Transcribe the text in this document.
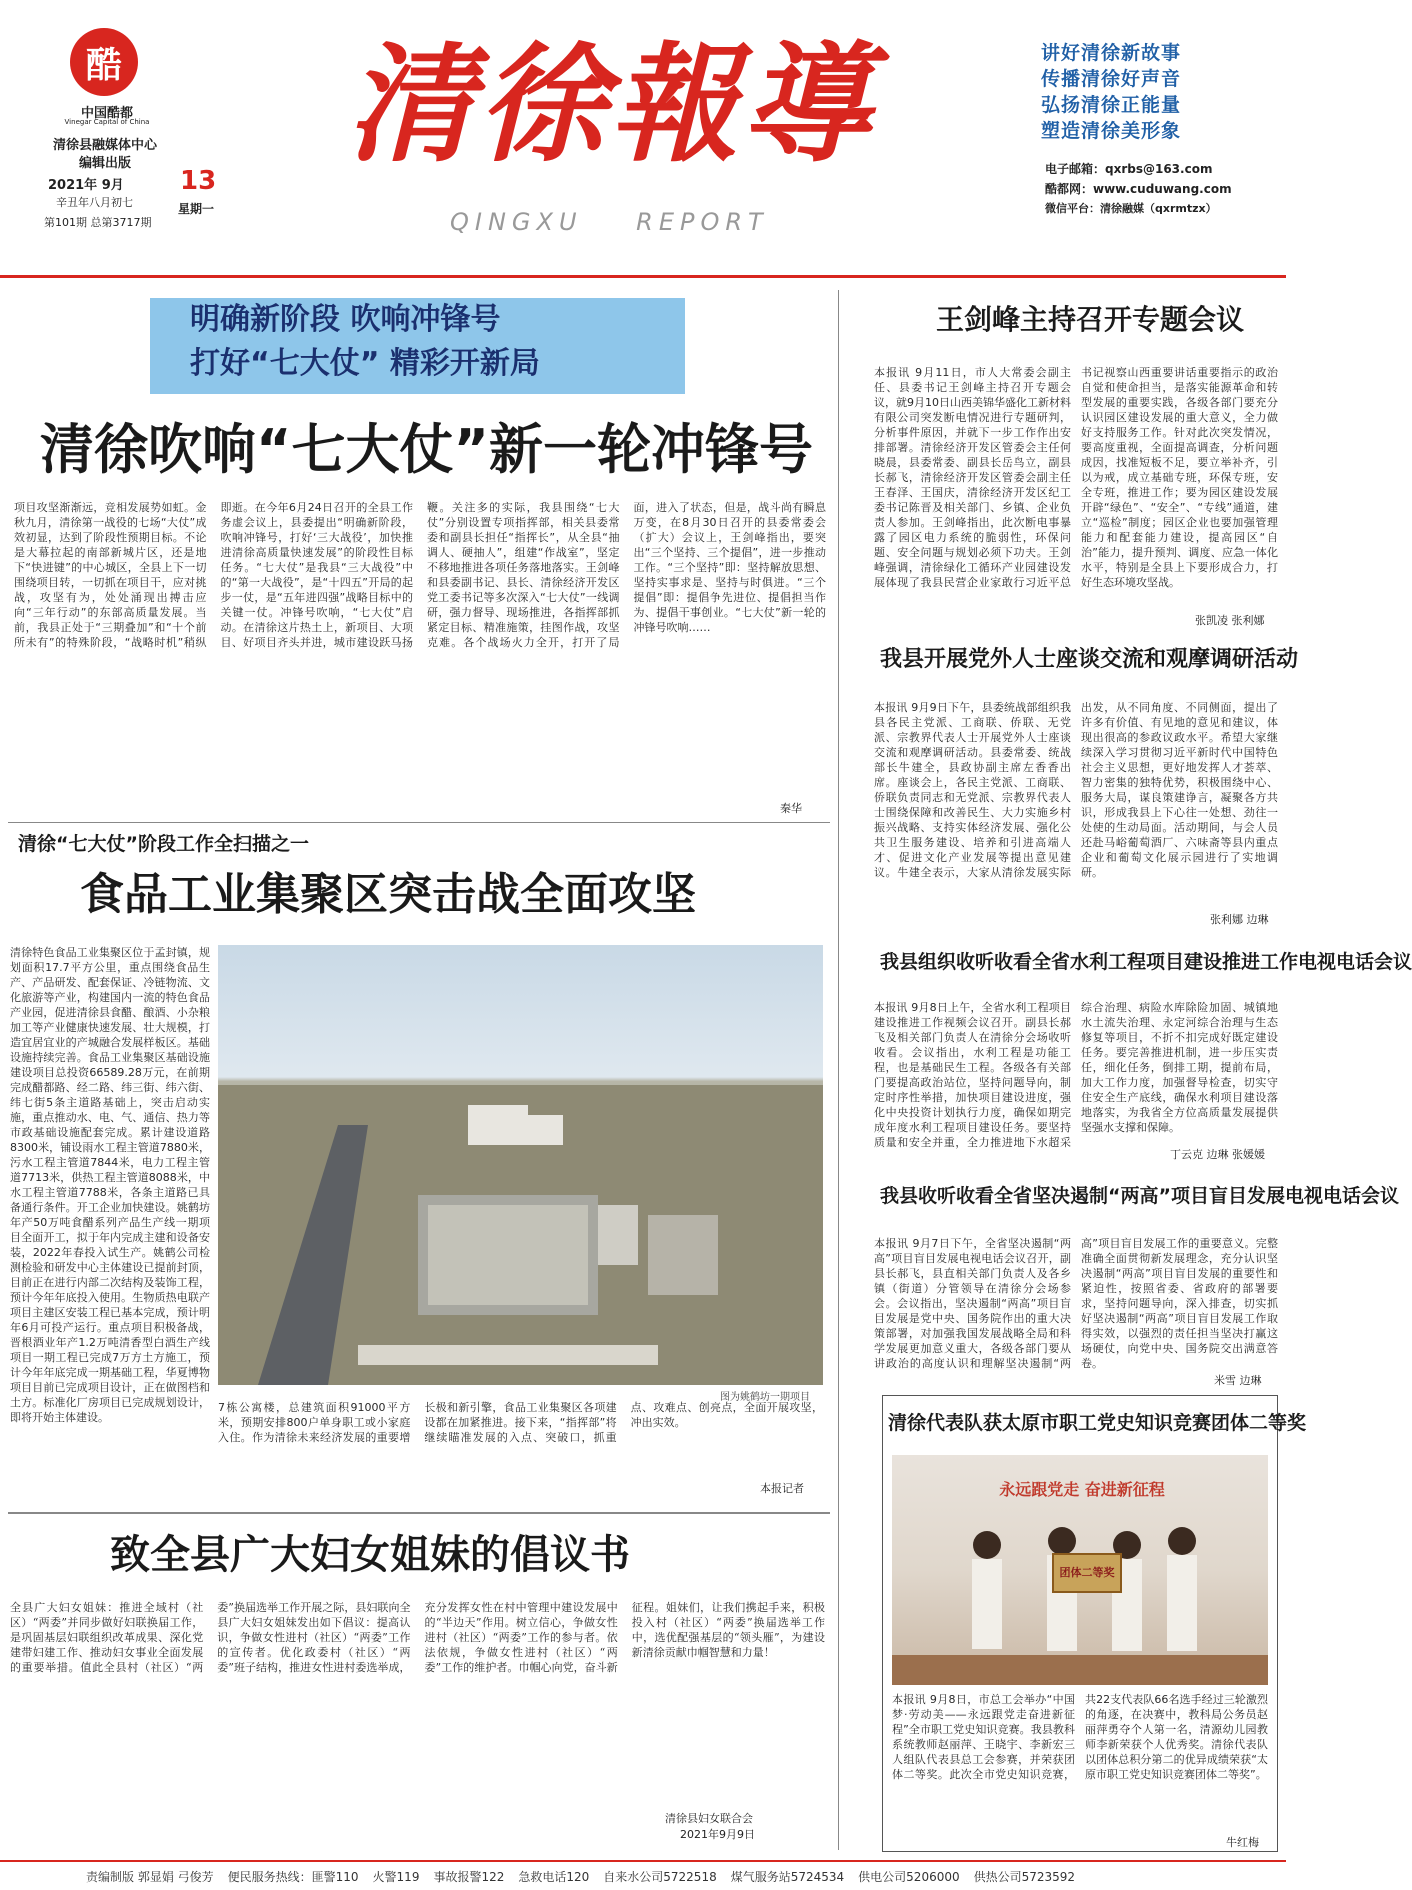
酷
中国酷都
Vinegar Capital of China
清徐县融媒体中心
编辑出版
2021年 9月 13
辛丑年八月初七	星期一
第101期 总第3717期
清徐報導
QINGXU REPORT
讲好清徐新故事
传播清徐好声音
弘扬清徐正能量
塑造清徐美形象
电子邮箱：qxrbs@163.com
酷都网：www.cuduwang.com
微信平台：清徐融媒（qxrmtzx）
明确新阶段 吹响冲锋号
打好“七大仗” 精彩开新局
清徐吹响“七大仗”新一轮冲锋号
项目攻坚渐渐远，竞相发展势如虹。金秋九月，清徐第一战役的七场“大仗”成效初显，达到了阶段性预期目标。不论是大幕拉起的南部新城片区，还是地下“快进键”的中心城区，全县上下一切围绕项目转，一切抓在项目干，应对挑战，攻坚有为，处处涌现出搏击应向“三年行动”的东部高质量发展。当前，我县正处于“三期叠加”和“十个前所未有”的特殊阶段，“战略时机”稍纵即逝。在今年6月24日召开的全县工作务虚会议上，县委提出“明确新阶段，吹响冲锋号，打好‘三大战役’，加快推进清徐高质量快速发展”的阶段性目标任务。“七大仗”是我县“三大战役”中的“第一大战役”，是“十四五”开局的起步一仗，是“五年进四强”战略目标中的关键一仗。冲锋号吹响，“七大仗”启动。在清徐这片热土上，新项目、大项目、好项目齐头并进，城市建设跃马扬鞭。关注多的实际，我县围绕“七大仗”分别设置专项指挥部，相关县委常委和副县长担任“指挥长”，从全县“抽调人、硬抽人”，组建“作战室”，坚定不移地推进各项任务落地落实。王剑峰和县委副书记、县长、清徐经济开发区党工委书记等多次深入“七大仗”一线调研，强力督导、现场推进，各指挥部抓紧定目标、精准施策，挂图作战，攻坚克难。各个战场火力全开，打开了局面，进入了状态，但是，战斗尚有瞬息万变，在8月30日召开的县委常委会（扩大）会议上，王剑峰指出，要突出“三个坚持、三个提倡”，进一步推动工作。“三个坚持”即：坚持解放思想、坚持实事求是、坚持与时俱进。“三个提倡”即：提倡争先进位、提倡担当作为、提倡干事创业。“七大仗”新一轮的冲锋号吹响……
秦华
清徐“七大仗”阶段工作全扫描之一
食品工业集聚区突击战全面攻坚
清徐特色食品工业集聚区位于孟封镇，规划面积17.7平方公里，重点围绕食品生产、产品研发、配套保证、冷链物流、文化旅游等产业，构建国内一流的特色食品产业园，促进清徐县食醋、酿酒、小杂粮加工等产业健康快速发展、壮大规模，打造宜居宜业的产城融合发展样板区。基础设施持续完善。食品工业集聚区基础设施建设项目总投资66589.28万元，在前期完成醋都路、经二路、纬三街、纬六街、纬七街5条主道路基础上，突击启动实施，重点推动水、电、气、通信、热力等市政基础设施配套完成。累计建设道路8300米，铺设雨水工程主管道7880米，污水工程主管道7844米，电力工程主管道7713米，供热工程主管道8088米，中水工程主管道7788米，各条主道路已具备通行条件。开工企业加快建设。姚鹤坊年产50万吨食醋系列产品生产线一期项目全面开工，拟于年内完成主建和设备安装，2022年春投入试生产。姚鹤公司检测检验和研发中心主体建设已提前封顶，目前正在进行内部二次结构及装饰工程，预计今年年底投入使用。生物质热电联产项目主建区安装工程已基本完成，预计明年6月可投产运行。重点项目积极备战，晋根酒业年产1.2万吨清香型白酒生产线项目一期工程已完成7万方土方施工，预计今年年底完成一期基础工程，华夏博物项目目前已完成项目设计，正在做图档和土方。标准化厂房项目已完成规划设计，即将开始主体建设。
图为姚鹤坊一期项目
7栋公寓楼，总建筑面积91000平方米，预期安排800户单身职工或小家庭入住。作为清徐未来经济发展的重要增长极和新引擎，食品工业集聚区各项建设都在加紧推进。接下来，“指挥部”将继续瞄准发展的入点、突破口，抓重点、攻难点、创亮点，全面开展攻坚，冲出实效。
本报记者
致全县广大妇女姐妹的倡议书
全县广大妇女姐妹：推进全域村（社区）“两委”并同步做好妇联换届工作，是巩固基层妇联组织改革成果、深化党建带妇建工作、推动妇女事业全面发展的重要举措。值此全县村（社区）“两委”换届选举工作开展之际，县妇联向全县广大妇女姐妹发出如下倡议：提高认识，争做女性进村（社区）“两委”工作的宣传者。优化政委村（社区）“两委”班子结构，推进女性进村委选举成，充分发挥女性在村中管理中建设发展中的“半边天”作用。树立信心，争做女性进村（社区）“两委”工作的参与者。依法依规，争做女性进村（社区）“两委”工作的维护者。巾帼心向党，奋斗新征程。姐妹们，让我们携起手来，积极投入村（社区）“两委”换届选举工作中，选优配强基层的“领头雁”，为建设新清徐贡献巾帼智慧和力量！
清徐县妇女联合会
2021年9月9日
王剑峰主持召开专题会议
本报讯 9月11日，市人大常委会副主任、县委书记王剑峰主持召开专题会议，就9月10日山西美锦华盛化工新材料有限公司突发断电情况进行专题研判，分析事件原因，并就下一步工作作出安排部署。清徐经济开发区管委会主任何晓晨，县委常委、副县长岳鸟立，副县长郝飞，清徐经济开发区管委会副主任王春泽、王国庆，清徐经济开发区纪工委书记陈晋及相关部门、乡镇、企业负责人参加。王剑峰指出，此次断电事暴露了园区电力系统的脆弱性，环保问题、安全问题与规划必须下功夫。王剑峰强调，清徐绿化工循环产业园建设发展体现了我县民营企业家敢行习近平总书记视察山西重要讲话重要指示的政治自觉和使命担当，是落实能源革命和转型发展的重要实践，各级各部门要充分认识园区建设发展的重大意义，全力做好支持服务工作。针对此次突发情况，要高度重视，全面提高调查，分析问题成因，找准短板不足，要立举补齐，引以为戒，成立基础专班，环保专班，安全专班，推进工作；要为园区建设发展开辟“绿色”、“安全”、“专线”通道，建立“巡检”制度；园区企业也要加强管理能力和配套能力建设，提高园区“自治”能力，提升预判、调度、应急一体化水平，特别是全县上下要形成合力，打好生态环境攻坚战。
张凯凌 张利娜
我县开展党外人士座谈交流和观摩调研活动
本报讯 9月9日下午，县委统战部组织我县各民主党派、工商联、侨联、无党派、宗教界代表人士开展党外人士座谈交流和观摩调研活动。县委常委、统战部长牛建全，县政协副主席左香香出席。座谈会上，各民主党派、工商联、侨联负责同志和无党派、宗教界代表人士围绕保障和改善民生、大力实施乡村振兴战略、支持实体经济发展、强化公共卫生服务建设、培养和引进高端人才、促进文化产业发展等提出意见建议。牛建全表示，大家从清徐发展实际出发，从不同角度、不同侧面，提出了许多有价值、有见地的意见和建议，体现出很高的参政议政水平。希望大家继续深入学习贯彻习近平新时代中国特色社会主义思想，更好地发挥人才荟萃、智力密集的独特优势，积极围绕中心、服务大局，谋良策建诤言，凝聚各方共识，形成我县上下心往一处想、劲往一处使的生动局面。活动期间，与会人员还赴马峪葡萄酒厂、六味斋等县内重点企业和葡萄文化展示园进行了实地调研。
张利娜 边琳
我县组织收听收看全省水利工程项目建设推进工作电视电话会议
本报讯 9月8日上午，全省水利工程项目建设推进工作视频会议召开。副县长郝飞及相关部门负责人在清徐分会场收听收看。会议指出，水利工程是功能工程，也是基础民生工程。各级各有关部门要提高政治站位，坚持问题导向，制定时序性举措，加快项目建设进度，强化中央投资计划执行力度，确保如期完成年度水利工程项目建设任务。要坚持质量和安全并重，全力推进地下水超采综合治理、病险水库除险加固、城镇地水土流失治理、永定河综合治理与生态修复等项目，不折不扣完成好既定建设任务。要完善推进机制，进一步压实责任，细化任务，倒排工期，提前布局，加大工作力度，加强督导检查，切实守住安全生产底线，确保水利项目建设落地落实，为我省全方位高质量发展提供坚强水支撑和保障。
丁云克 边琳 张媛媛
我县收听收看全省坚决遏制“两高”项目盲目发展电视电话会议
本报讯 9月7日下午，全省坚决遏制“两高”项目盲目发展电视电话会议召开，副县长郝飞，县直相关部门负责人及各乡镇（街道）分管领导在清徐分会场参会。会议指出，坚决遏制“两高”项目盲目发展是党中央、国务院作出的重大决策部署，对加强我国发展战略全局和科学发展更加意义重大，各级各部门要从讲政治的高度认识和理解坚决遏制“两高”项目盲目发展工作的重要意义。完整准确全面贯彻新发展理念，充分认识坚决遏制“两高”项目盲目发展的重要性和紧迫性，按照省委、省政府的部署要求，坚持问题导向，深入排查，切实抓好坚决遏制“两高”项目盲目发展工作取得实效，以强烈的责任担当坚决打赢这场硬仗，向党中央、国务院交出满意答卷。
米雪 边琳
清徐代表队获太原市职工党史知识竞赛团体二等奖
永远跟党走 奋进新征程
团体二等奖
本报讯 9月8日，市总工会举办“中国梦·劳动美——永远跟党走奋进新征程”全市职工党史知识竞赛。我县教科系统教师赵丽萍、王晓宇、李新宏三人组队代表县总工会参赛，并荣获团体二等奖。此次全市党史知识竞赛，共22支代表队66名选手经过三轮激烈的角逐，在决赛中，教科局公务员赵丽萍勇夺个人第一名，清源幼儿园教师李新荣获个人优秀奖。清徐代表队以团体总积分第二的优异成绩荣获“太原市职工党史知识竞赛团体二等奖”。
牛红梅
责编制版 郭显娟 弓俊芳 便民服务热线：匪警110 火警119 事故报警122 急救电话120 自来水公司5722518 煤气服务站5724534 供电公司5206000 供热公司5723592
